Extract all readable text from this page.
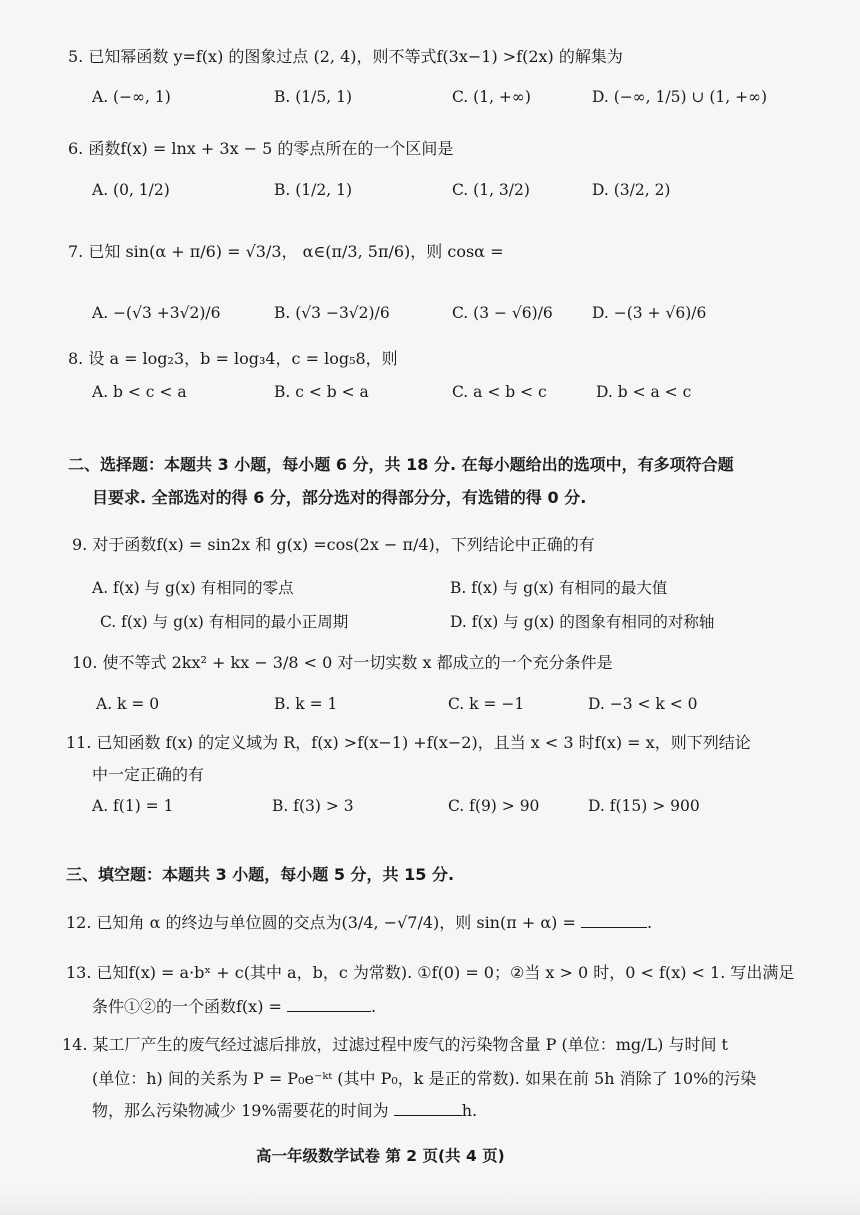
5. 已知幂函数 y=f(x) 的图象过点 (2, 4)，则不等式f(3x−1) >f(2x) 的解集为
A. (−∞, 1)	B. (1/5, 1)	C. (1, +∞)	D. (−∞, 1/5) ∪ (1, +∞)
6. 函数f(x) = lnx + 3x − 5 的零点所在的一个区间是
A. (0, 1/2)	B. (1/2, 1)	C. (1, 3/2)	D. (3/2, 2)
7. 已知 sin(α + π/6) = √3/3， α∈(π/3, 5π/6)，则 cosα =
A. −(√3 +3√2)/6	B. (√3 −3√2)/6	C. (3 − √6)/6	D. −(3 + √6)/6
8. 设 a = log₂3，b = log₃4，c = log₅8，则
A. b < c < a	B. c < b < a	C. a < b < c	D. b < a < c
二、选择题：本题共 3 小题，每小题 6 分，共 18 分. 在每小题给出的选项中，有多项符合题
目要求. 全部选对的得 6 分，部分选对的得部分分，有选错的得 0 分.
9. 对于函数f(x) = sin2x 和 g(x) =cos(2x − π/4)，下列结论中正确的有
A. f(x) 与 g(x) 有相同的零点	B. f(x) 与 g(x) 有相同的最大值
C. f(x) 与 g(x) 有相同的最小正周期	D. f(x) 与 g(x) 的图象有相同的对称轴
10. 使不等式 2kx² + kx − 3/8 < 0 对一切实数 x 都成立的一个充分条件是
A. k = 0	B. k = 1	C. k = −1	D. −3 < k < 0
11. 已知函数 f(x) 的定义域为 R，f(x) >f(x−1) +f(x−2)，且当 x < 3 时f(x) = x，则下列结论
中一定正确的有
A. f(1) = 1	B. f(3) > 3	C. f(9) > 90	D. f(15) > 900
三、填空题：本题共 3 小题，每小题 5 分，共 15 分.
12. 已知角 α 的终边与单位圆的交点为(3/4, −√7/4)，则 sin(π + α) =	.
13. 已知f(x) = a·bˣ + c(其中 a，b，c 为常数). ①f(0) = 0；②当 x > 0 时，0 < f(x) < 1. 写出满足
条件①②的一个函数f(x) =	.
14. 某工厂产生的废气经过滤后排放，过滤过程中废气的污染物含量 P (单位：mg/L) 与时间 t
(单位：h) 间的关系为 P = P₀e⁻ᵏᵗ (其中 P₀，k 是正的常数). 如果在前 5h 消除了 10%的污染
物，那么污染物减少 19%需要花的时间为	h.
高一年级数学试卷 第 2 页(共 4 页)
